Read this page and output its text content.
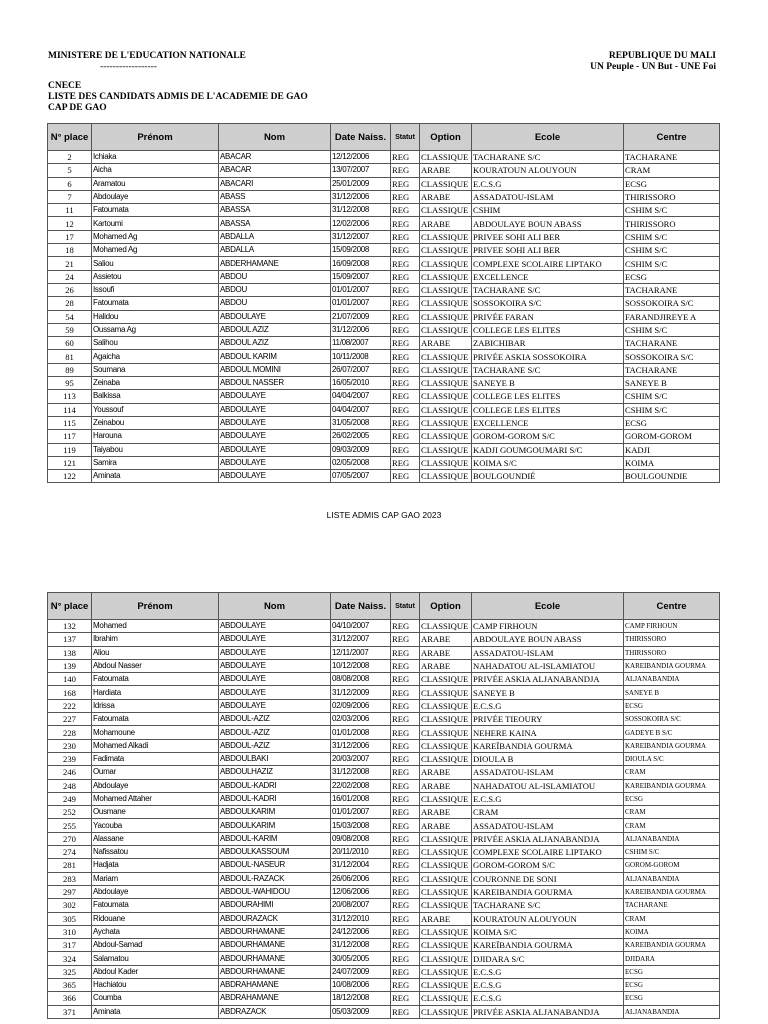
MINISTERE DE L'EDUCATION NATIONALE
------------------
CNECE
LISTE DES CANDIDATS ADMIS DE L'ACADEMIE DE GAO
CAP DE GAO
REPUBLIQUE DU MALI
UN Peuple - UN But - UNE Foi
N° place	Prénom	Nom	Date Naiss.	Statut	Option	Ecole	Centre
2	Ichiaka	ABACAR	12/12/2006	REG	CLASSIQUE	TACHARANE S/C	TACHARANE
5	Aicha	ABACAR	13/07/2007	REG	ARABE	KOURATOUN ALOUYOUN	CRAM
6	Aramatou	ABACARI	25/01/2009	REG	CLASSIQUE	E.C.S.G	ECSG
7	Abdoulaye	ABASS	31/12/2006	REG	ARABE	ASSADATOU-ISLAM	THIRISSORO
11	Fatoumata	ABASSA	31/12/2008	REG	CLASSIQUE	CSHIM	CSHIM S/C
12	Kartoumi	ABASSA	12/02/2006	REG	ARABE	ABDOULAYE BOUN ABASS	THIRISSORO
17	Mohamed Ag	ABDALLA	31/12/2007	REG	CLASSIQUE	PRIVEE SOHI ALI BER	CSHIM S/C
18	Mohamed Ag	ABDALLA	15/09/2008	REG	CLASSIQUE	PRIVEE SOHI ALI BER	CSHIM S/C
21	Saliou	ABDERHAMANE	16/09/2008	REG	CLASSIQUE	COMPLEXE SCOLAIRE LIPTAKO	CSHIM S/C
24	Assietou	ABDOU	15/09/2007	REG	CLASSIQUE	EXCELLENCE	ECSG
26	Issoufi	ABDOU	01/01/2007	REG	CLASSIQUE	TACHARANE S/C	TACHARANE
28	Fatoumata	ABDOU	01/01/2007	REG	CLASSIQUE	SOSSOKOIRA S/C	SOSSOKOIRA S/C
54	Halidou	ABDOULAYE	21/07/2009	REG	CLASSIQUE	PRIVÉE FARAN	FARANDJIREYE A
59	Oussama Ag	ABDOUL AZIZ	31/12/2006	REG	CLASSIQUE	COLLEGE LES ELITES	CSHIM S/C
60	Salihou	ABDOUL AZIZ	11/08/2007	REG	ARABE	ZABICHIBAR	TACHARANE
81	Agaicha	ABDOUL KARIM	10/11/2008	REG	CLASSIQUE	PRIVÉE ASKIA SOSSOKOIRA	SOSSOKOIRA S/C
89	Soumana	ABDOUL MOMINI	26/07/2007	REG	CLASSIQUE	TACHARANE S/C	TACHARANE
95	Zeinaba	ABDOUL NASSER	16/05/2010	REG	CLASSIQUE	SANEYE B	SANEYE B
113	Balkissa	ABDOULAYE	04/04/2007	REG	CLASSIQUE	COLLEGE LES ELITES	CSHIM S/C
114	Youssouf	ABDOULAYE	04/04/2007	REG	CLASSIQUE	COLLEGE LES ELITES	CSHIM S/C
115	Zeinabou	ABDOULAYE	31/05/2008	REG	CLASSIQUE	EXCELLENCE	ECSG
117	Harouna	ABDOULAYE	26/02/2005	REG	CLASSIQUE	GOROM-GOROM S/C	GOROM-GOROM
119	Taiyabou	ABDOULAYE	09/03/2009	REG	CLASSIQUE	KADJI GOUMGOUMARI S/C	KADJI
121	Samira	ABDOULAYE	02/05/2008	REG	CLASSIQUE	KOIMA S/C	KOIMA
122	Aminata	ABDOULAYE	07/05/2007	REG	CLASSIQUE	BOULGOUNDIÉ	BOULGOUNDIE
LISTE ADMIS CAP GAO 2023
N° place	Prénom	Nom	Date Naiss.	Statut	Option	Ecole	Centre
132	Mohamed	ABDOULAYE	04/10/2007	REG	CLASSIQUE	CAMP FIRHOUN	CAMP FIRHOUN
137	Ibrahim	ABDOULAYE	31/12/2007	REG	ARABE	ABDOULAYE BOUN ABASS	THIRISSORO
138	Aliou	ABDOULAYE	12/11/2007	REG	ARABE	ASSADATOU-ISLAM	THIRISSORO
139	Abdoul Nasser	ABDOULAYE	10/12/2008	REG	ARABE	NAHADATOU AL-ISLAMIATOU	KAREIBANDIA GOURMA
140	Fatoumata	ABDOULAYE	08/08/2008	REG	CLASSIQUE	PRIVÉE ASKIA ALJANABANDJA	ALJANABANDIA
168	Hardiata	ABDOULAYE	31/12/2009	REG	CLASSIQUE	SANEYE B	SANEYE B
222	Idrissa	ABDOULAYE	02/09/2006	REG	CLASSIQUE	E.C.S.G	ECSG
227	Fatoumata	ABDOUL-AZIZ	02/03/2006	REG	CLASSIQUE	PRIVÉE TIEOURY	SOSSOKOIRA S/C
228	Mohamoune	ABDOUL-AZIZ	01/01/2008	REG	CLASSIQUE	NEHERE KAINA	GADEYE B S/C
230	Mohamed Alkadi	ABDOUL-AZIZ	31/12/2006	REG	CLASSIQUE	KAREÏBANDIA GOURMA	KAREIBANDIA GOURMA
239	Fadimata	ABDOULBAKI	20/03/2007	REG	CLASSIQUE	DIOULA B	DIOULA S/C
246	Oumar	ABDOULHAZIZ	31/12/2008	REG	ARABE	ASSADATOU-ISLAM	CRAM
248	Abdoulaye	ABDOUL-KADRI	22/02/2008	REG	ARABE	NAHADATOU AL-ISLAMIATOU	KAREIBANDIA GOURMA
249	Mohamed Attaher	ABDOUL-KADRI	16/01/2008	REG	CLASSIQUE	E.C.S.G	ECSG
252	Ousmane	ABDOULKARIM	01/01/2007	REG	ARABE	CRAM	CRAM
255	Yacouba	ABDOULKARIM	15/03/2008	REG	ARABE	ASSADATOU-ISLAM	CRAM
270	Alassane	ABDOUL-KARIM	09/08/2008	REG	CLASSIQUE	PRIVÉE ASKIA ALJANABANDJA	ALJANABANDIA
274	Nafissatou	ABDOULKASSOUM	20/11/2010	REG	CLASSIQUE	COMPLEXE SCOLAIRE LIPTAKO	CSHIM S/C
281	Hadjata	ABDOUL-NASEUR	31/12/2004	REG	CLASSIQUE	GOROM-GOROM S/C	GOROM-GOROM
283	Mariam	ABDOUL-RAZACK	26/06/2006	REG	CLASSIQUE	COURONNE DE SONI	ALJANABANDIA
297	Abdoulaye	ABDOUL-WAHIDOU	12/06/2006	REG	CLASSIQUE	KAREIBANDIA GOURMA	KAREIBANDIA GOURMA
302	Fatoumata	ABDOURAHIMI	20/08/2007	REG	CLASSIQUE	TACHARANE S/C	TACHARANE
305	Ridouane	ABDOURAZACK	31/12/2010	REG	ARABE	KOURATOUN ALOUYOUN	CRAM
310	Aychata	ABDOURHAMANE	24/12/2006	REG	CLASSIQUE	KOIMA S/C	KOIMA
317	Abdoul-Samad	ABDOURHAMANE	31/12/2008	REG	CLASSIQUE	KAREÏBANDIA GOURMA	KAREIBANDIA GOURMA
324	Salamatou	ABDOURHAMANE	30/05/2005	REG	CLASSIQUE	DJIDARA S/C	DJIDARA
325	Abdoul Kader	ABDOURHAMANE	24/07/2009	REG	CLASSIQUE	E.C.S.G	ECSG
365	Hachiatou	ABDRAHAMANE	10/08/2006	REG	CLASSIQUE	E.C.S.G	ECSG
366	Coumba	ABDRAHAMANE	18/12/2008	REG	CLASSIQUE	E.C.S.G	ECSG
371	Aminata	ABDRAZACK	05/03/2009	REG	CLASSIQUE	PRIVÉE ASKIA ALJANABANDJA	ALJANABANDIA
